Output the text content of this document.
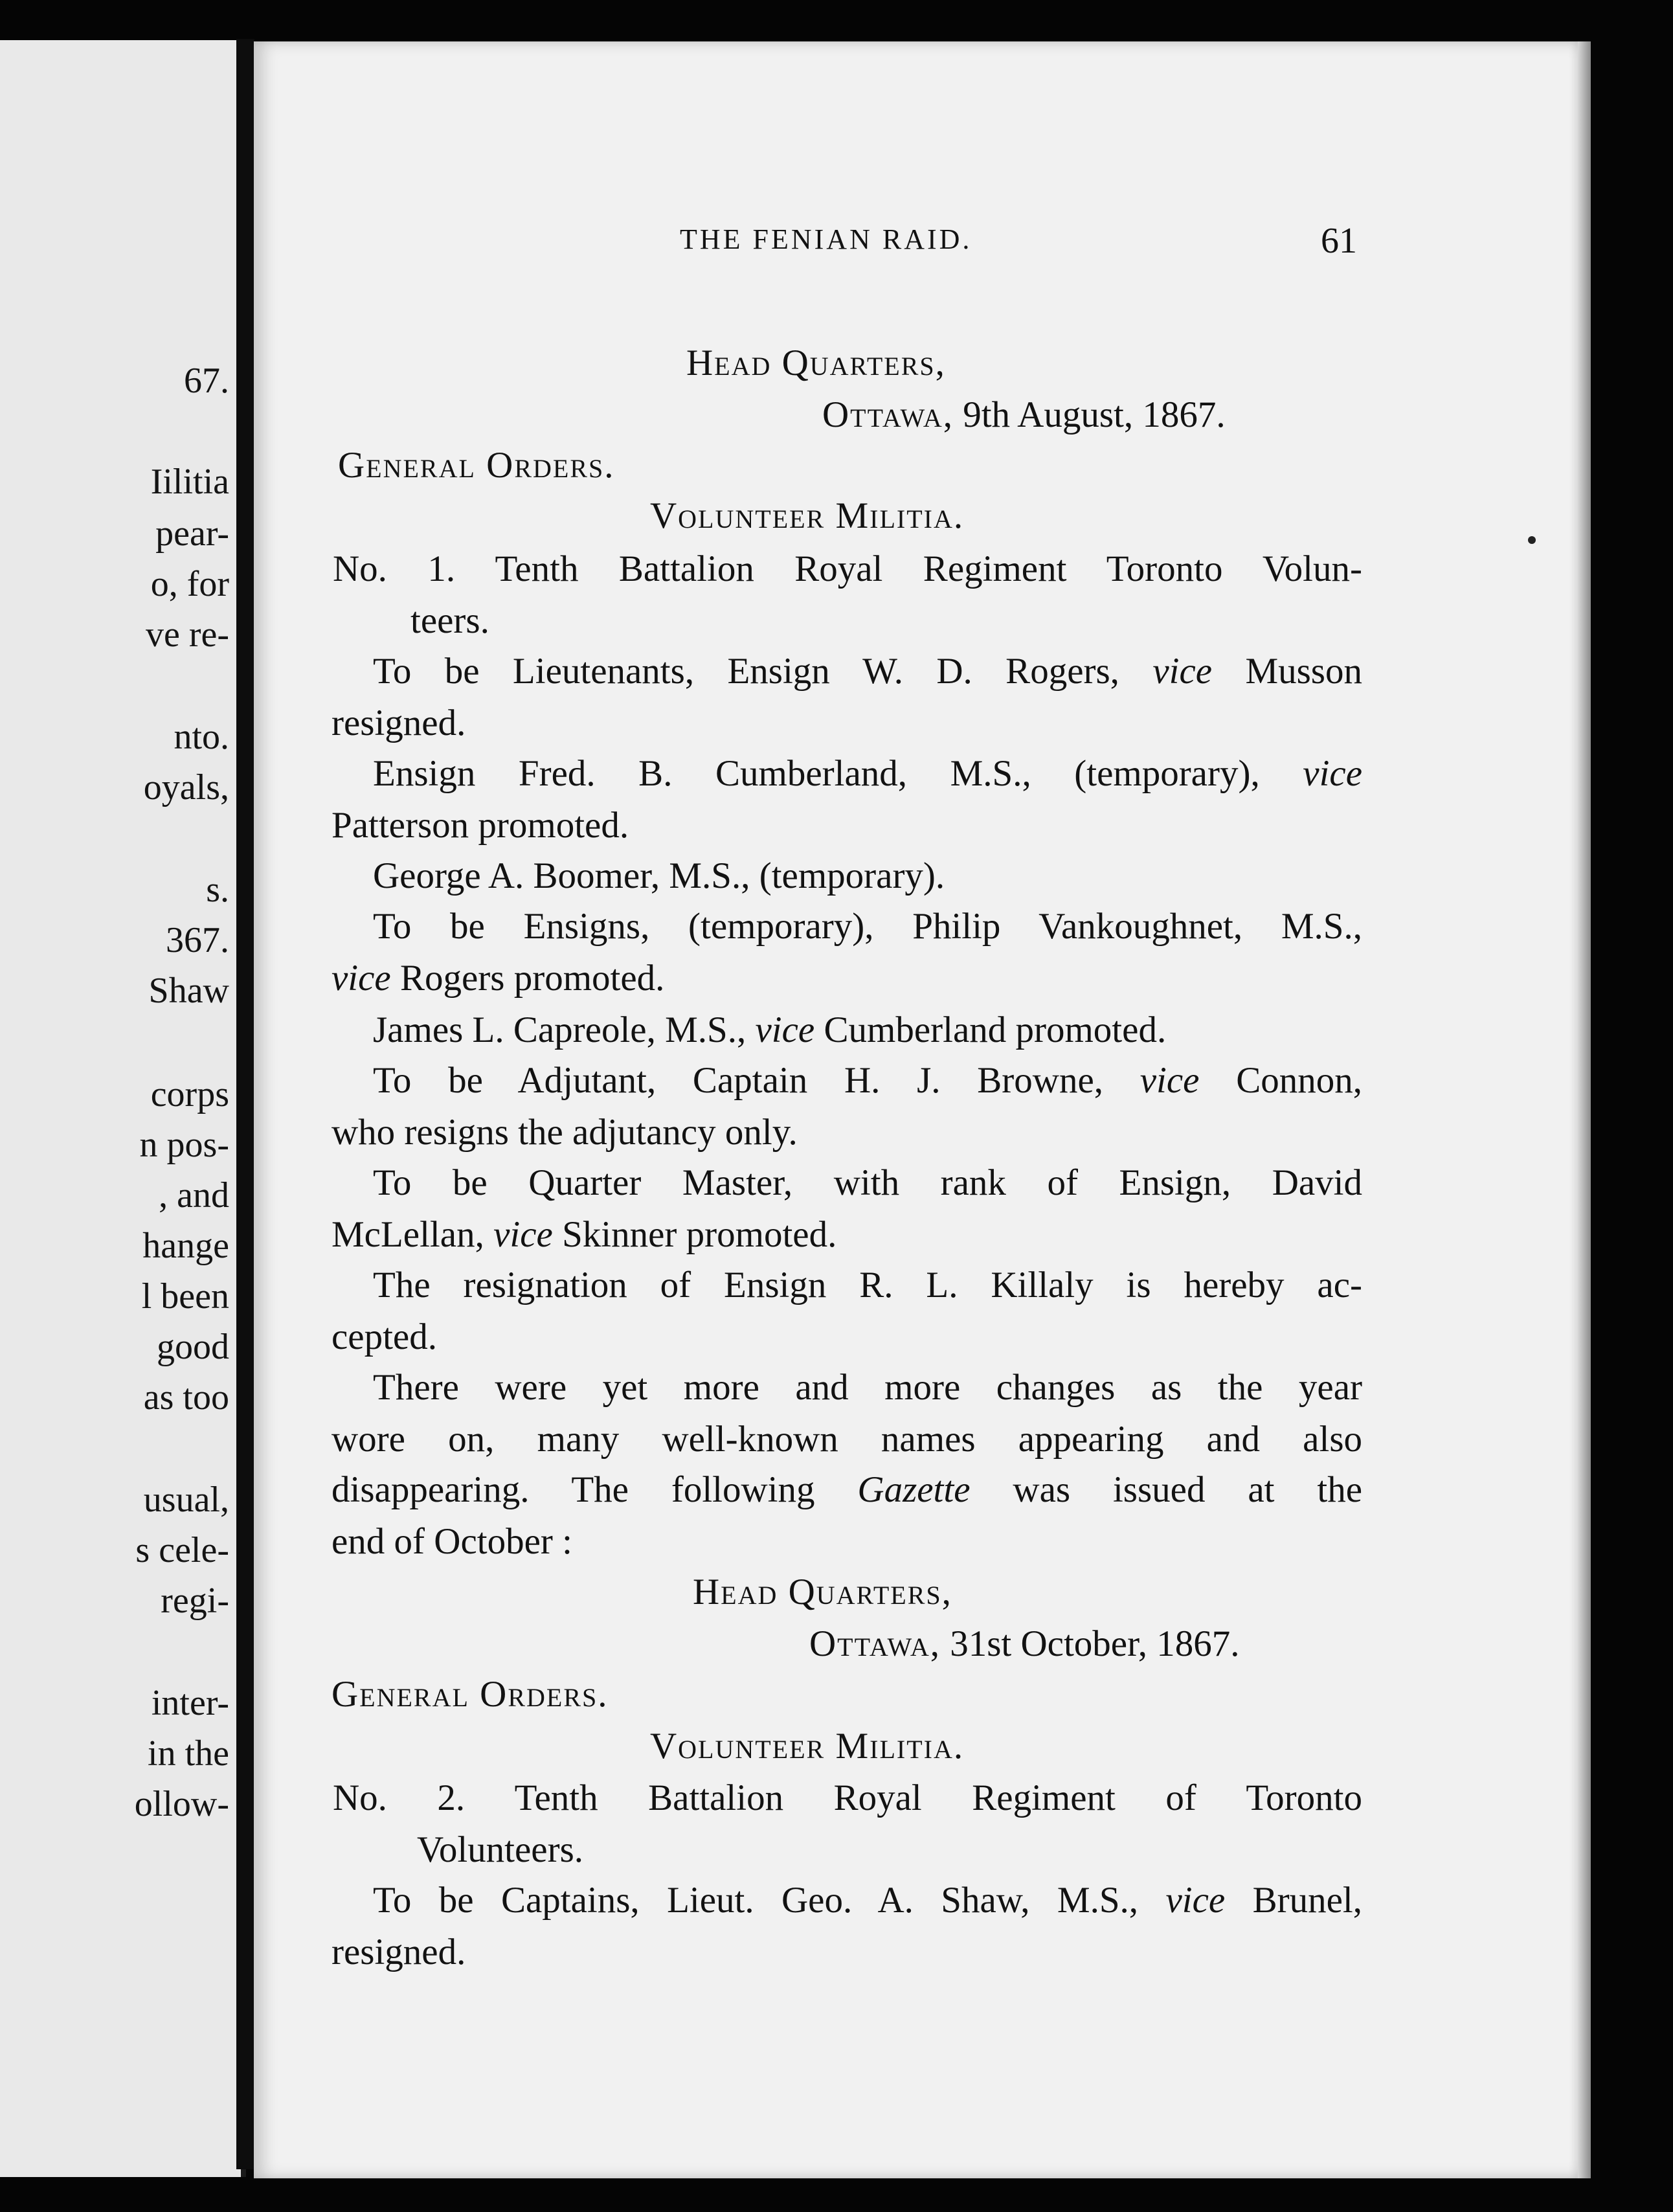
67.
Iilitia
pear-
o, for
ve re-
nto.
oyals,
s.
367.
Shaw
corps
n pos-
, and
hange
l been
good
as too
usual,
s cele-
regi-
inter-
in the
ollow-
THE FENIAN RAID.	61
Head Quarters,
Ottawa, 9th August, 1867.
General Orders.
Volunteer Militia.
No. 1. Tenth Battalion Royal Regiment Toronto Volun-
teers.
To be Lieutenants, Ensign W. D. Rogers, vice Musson
resigned.
Ensign Fred. B. Cumberland, M.S., (temporary), vice
Patterson promoted.
George A. Boomer, M.S., (temporary).
To be Ensigns, (temporary), Philip Vankoughnet, M.S.,
vice Rogers promoted.
James L. Capreole, M.S., vice Cumberland promoted.
To be Adjutant, Captain H. J. Browne, vice Connon,
who resigns the adjutancy only.
To be Quarter Master, with rank of Ensign, David
McLellan, vice Skinner promoted.
The resignation of Ensign R. L. Killaly is hereby ac-
cepted.
There were yet more and more changes as the year
wore on, many well-known names appearing and also
disappearing. The following Gazette was issued at the
end of October :
Head Quarters,
Ottawa, 31st October, 1867.
General Orders.
Volunteer Militia.
No. 2. Tenth Battalion Royal Regiment of Toronto
Volunteers.
To be Captains, Lieut. Geo. A. Shaw, M.S., vice Brunel,
resigned.
